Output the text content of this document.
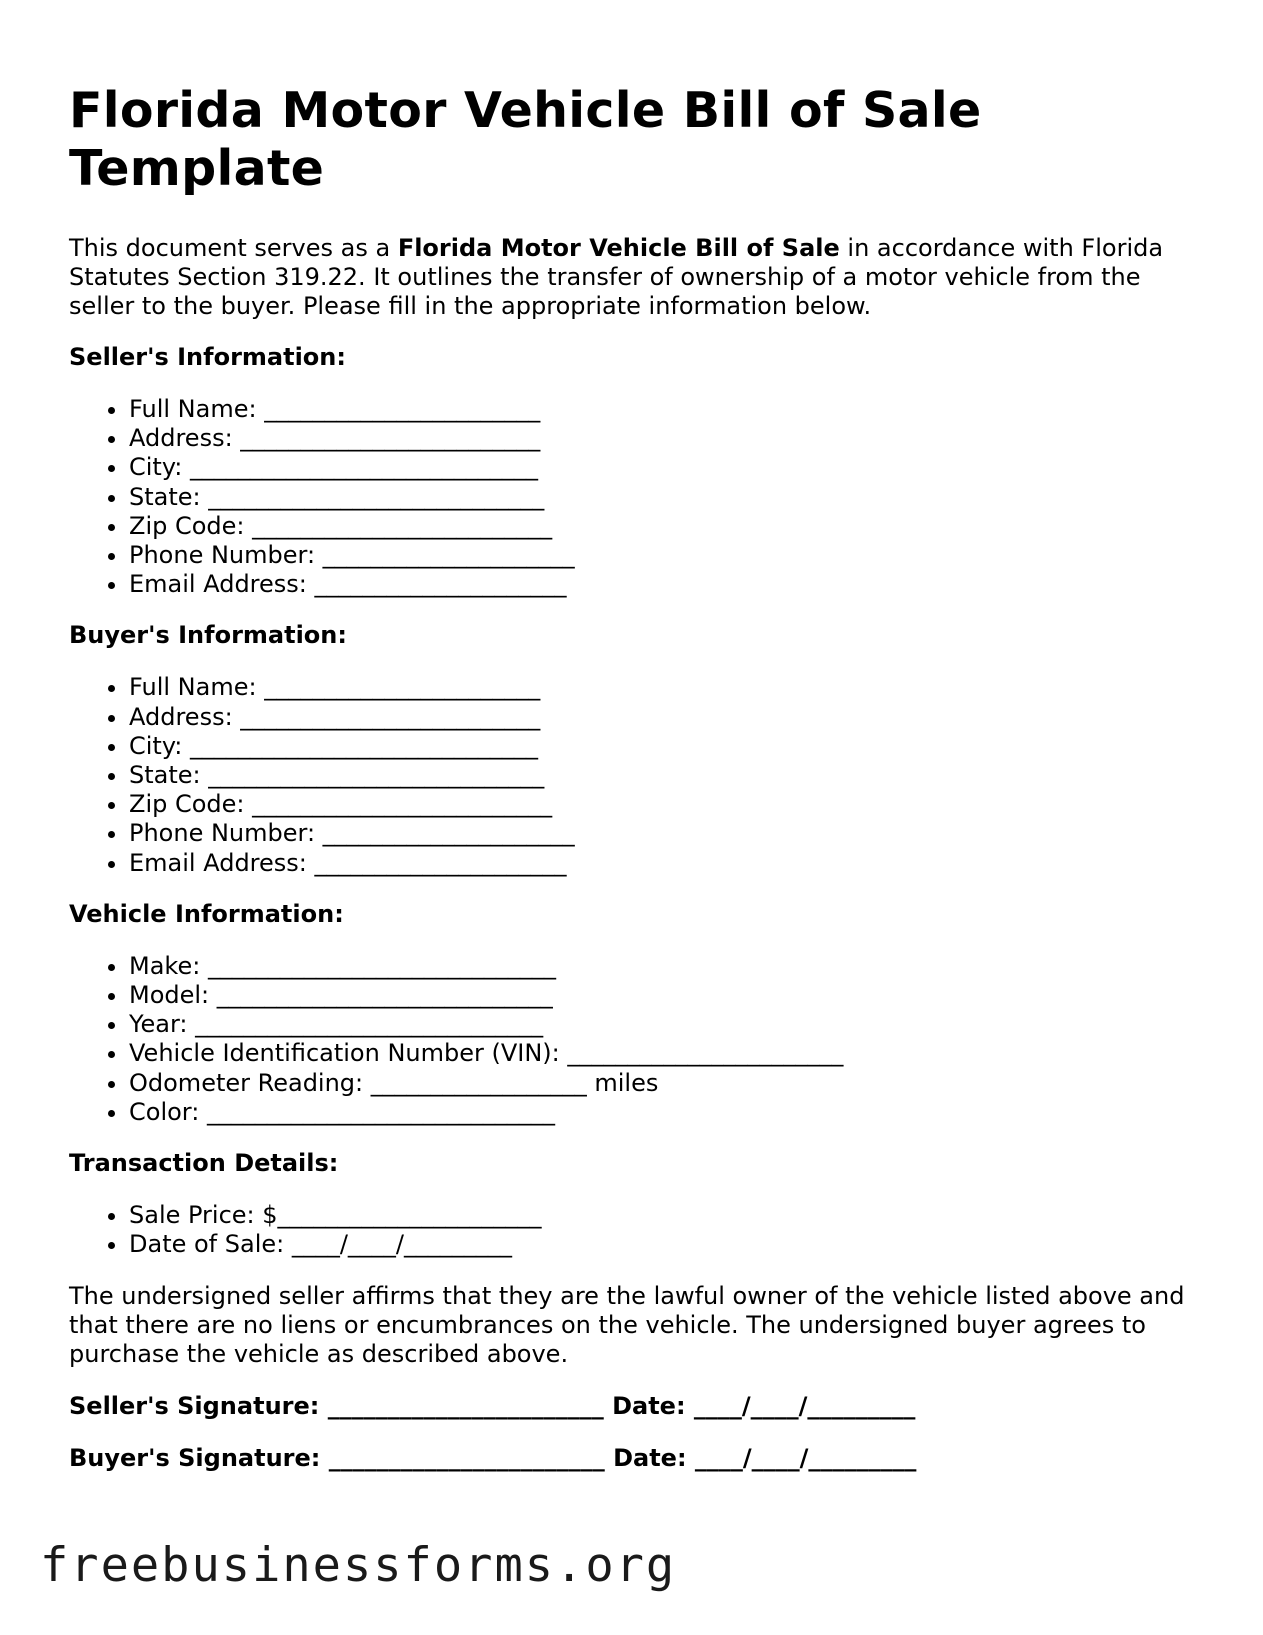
Florida Motor Vehicle Bill of Sale Template

This document serves as a Florida Motor Vehicle Bill of Sale in accordance with Florida Statutes Section 319.22. It outlines the transfer of ownership of a motor vehicle from the seller to the buyer. Please fill in the appropriate information below.

Seller's Information:
• Full Name: _______________________
• Address: _________________________
• City: _____________________________
• State: ____________________________
• Zip Code: _________________________
• Phone Number: _____________________
• Email Address: _____________________
Buyer's Information:
• Full Name: _______________________
• Address: _________________________
• City: _____________________________
• State: ____________________________
• Zip Code: _________________________
• Phone Number: _____________________
• Email Address: _____________________
Vehicle Information:
• Make: _____________________________
• Model: ____________________________
• Year: _____________________________
• Vehicle Identification Number (VIN): _______________________
• Odometer Reading: __________________ miles
• Color: _____________________________
Transaction Details:
• Sale Price: $______________________
• Date of Sale: ____/____/_________

The undersigned seller affirms that they are the lawful owner of the vehicle listed above and that there are no liens or encumbrances on the vehicle. The undersigned buyer agrees to purchase the vehicle as described above.

Seller's Signature: _______________________ Date: ____/____/_________

Buyer's Signature: _______________________ Date: ____/____/_________

freebusinessforms.org
